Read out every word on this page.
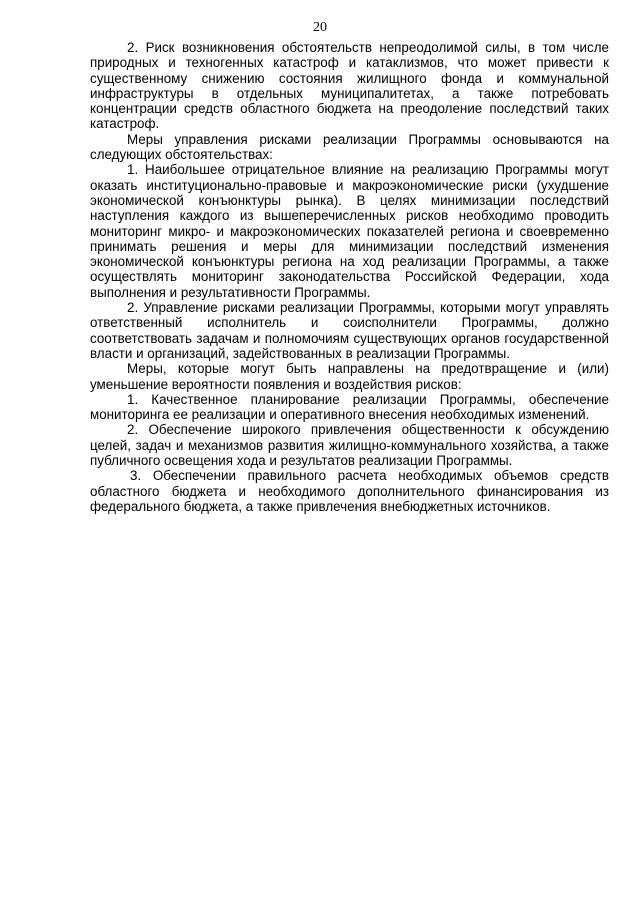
20

2. Риск возникновения обстоятельств непреодолимой силы, в том числе природных и техногенных катастроф и катаклизмов, что может привести к существенному снижению состояния жилищного фонда и коммунальной инфраструктуры в отдельных муниципалитетах, а также потребовать концентрации средств областного бюджета на преодоление последствий таких катастроф.

Меры управления рисками реализации Программы основываются на следующих обстоятельствах:

1. Наибольшее отрицательное влияние на реализацию Программы могут оказать институционально-правовые и макроэкономические риски (ухудшение экономической конъюнктуры рынка). В целях минимизации последствий наступления каждого из вышеперечисленных рисков необходимо проводить мониторинг микро- и макроэкономических показателей региона и своевременно принимать решения и меры для минимизации последствий изменения экономической конъюнктуры региона на ход реализации Программы, а также осуществлять мониторинг законодательства Российской Федерации, хода выполнения и результативности Программы.

2. Управление рисками реализации Программы, которыми могут управлять ответственный исполнитель и соисполнители Программы, должно соответствовать задачам и полномочиям существующих органов государственной власти и организаций, задействованных в реализации Программы.

Меры, которые могут быть направлены на предотвращение и (или) уменьшение вероятности появления и воздействия рисков:

1. Качественное планирование реализации Программы, обеспечение мониторинга ее реализации и оперативного внесения необходимых изменений.

2. Обеспечение широкого привлечения общественности к обсуждению целей, задач и механизмов развития жилищно-коммунального хозяйства, а также публичного освещения хода и результатов реализации Программы.

3. Обеспечении правильного расчета необходимых объемов средств областного бюджета и необходимого дополнительного финансирования из федерального бюджета, а также привлечения внебюджетных источников.
